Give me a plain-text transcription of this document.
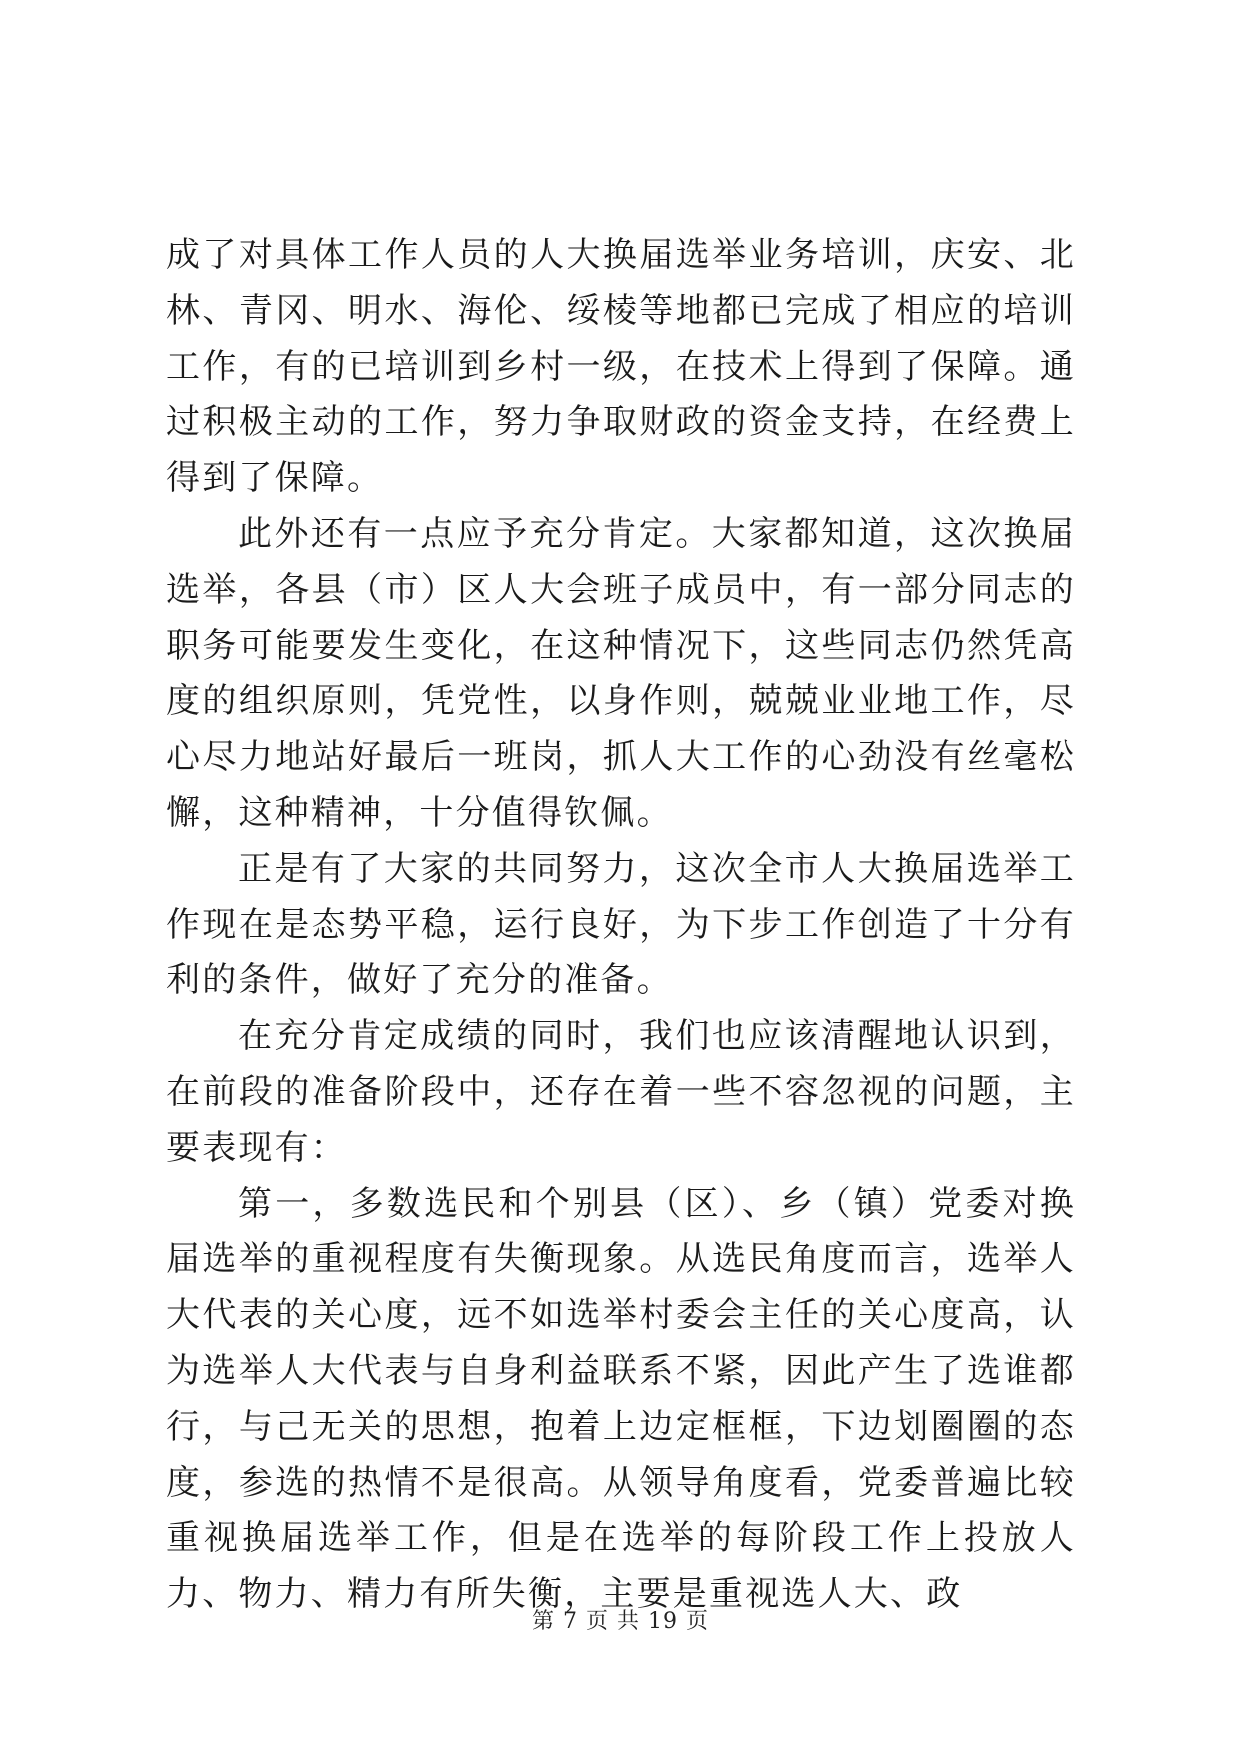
成了对具体工作人员的人大换届选举业务培训，庆安、北林、青冈、明水、海伦、绥棱等地都已完成了相应的培训工作，有的已培训到乡村一级，在技术上得到了保障。通过积极主动的工作，努力争取财政的资金支持，在经费上得到了保障。

此外还有一点应予充分肯定。大家都知道，这次换届选举，各县（市）区人大会班子成员中，有一部分同志的职务可能要发生变化，在这种情况下，这些同志仍然凭高度的组织原则，凭党性，以身作则，兢兢业业地工作，尽心尽力地站好最后一班岗，抓人大工作的心劲没有丝毫松懈，这种精神，十分值得钦佩。

正是有了大家的共同努力，这次全市人大换届选举工作现在是态势平稳，运行良好，为下步工作创造了十分有利的条件，做好了充分的准备。

在充分肯定成绩的同时，我们也应该清醒地认识到，在前段的准备阶段中，还存在着一些不容忽视的问题，主要表现有：

第一，多数选民和个别县（区）、乡（镇）党委对换届选举的重视程度有失衡现象。从选民角度而言，选举人大代表的关心度，远不如选举村委会主任的关心度高，认为选举人大代表与自身利益联系不紧，因此产生了选谁都行，与己无关的思想，抱着上边定框框，下边划圈圈的态度，参选的热情不是很高。从领导角度看，党委普遍比较重视换届选举工作，但是在选举的每阶段工作上投放人力、物力、精力有所失衡，主要是重视选人大、政

第 7 页 共 19 页
